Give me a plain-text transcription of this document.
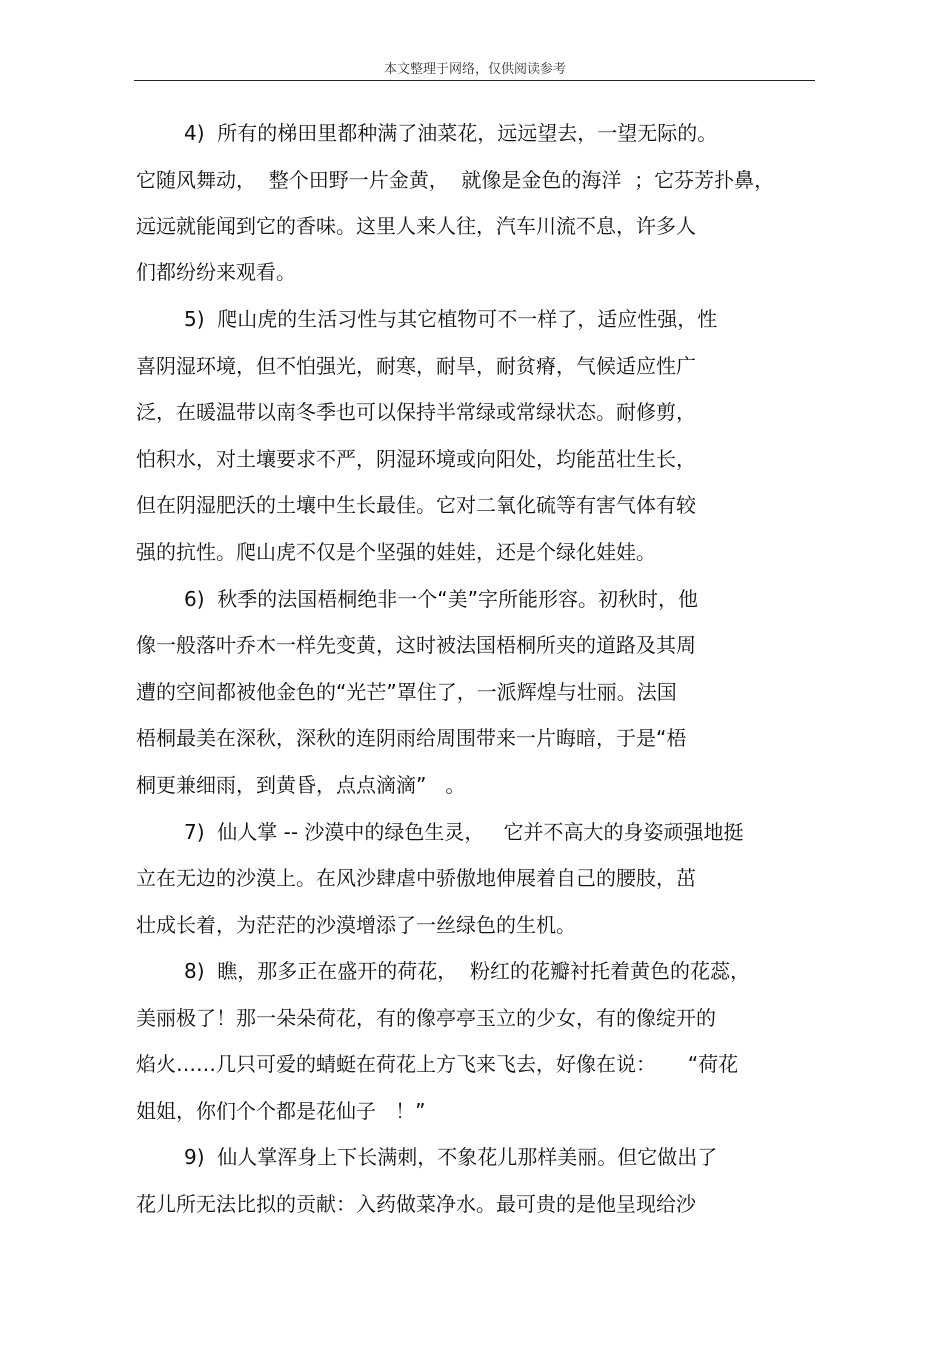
本文整理于网络，仅供阅读参考
4)  所有的梯田里都种满了油菜花，远远望去，一望无际的。
它随风舞动，  整个田野一片金黄，  就像是金色的海洋  ；它芬芳扑鼻，
远远就能闻到它的香味。这里人来人往，汽车川流不息，许多人
们都纷纷来观看。
5)  爬山虎的生活习性与其它植物可不一样了，适应性强，性
喜阴湿环境，但不怕强光，耐寒，耐旱，耐贫瘠，气候适应性广
泛，在暖温带以南冬季也可以保持半常绿或常绿状态。耐修剪，
怕积水，对土壤要求不严，阴湿环境或向阳处，均能茁壮生长，
但在阴湿肥沃的土壤中生长最佳。它对二氧化硫等有害气体有较
强的抗性。爬山虎不仅是个坚强的娃娃，还是个绿化娃娃。
6)  秋季的法国梧桐绝非一个“美”字所能形容。初秋时，他
像一般落叶乔木一样先变黄，这时被法国梧桐所夹的道路及其周
遭的空间都被他金色的“光芒”罩住了，一派辉煌与壮丽。法国
梧桐最美在深秋，深秋的连阴雨给周围带来一片晦暗，于是“梧
桐更兼细雨，到黄昏，点点滴滴”   。
7)  仙人掌 -- 沙漠中的绿色生灵，   它并不高大的身姿顽强地挺
立在无边的沙漠上。在风沙肆虐中骄傲地伸展着自己的腰肢，茁
壮成长着，为茫茫的沙漠增添了一丝绿色的生机。
8)  瞧，那多正在盛开的荷花，  粉红的花瓣衬托着黄色的花蕊，
美丽极了！那一朵朵荷花，有的像亭亭玉立的少女，有的像绽开的
焰火……几只可爱的蜻蜓在荷花上方飞来飞去，好像在说：     “荷花
姐姐，你们个个都是花仙子   ！”
9)  仙人掌浑身上下长满刺，不象花儿那样美丽。但它做出了
花儿所无法比拟的贡献：入药做菜净水。最可贵的是他呈现给沙
